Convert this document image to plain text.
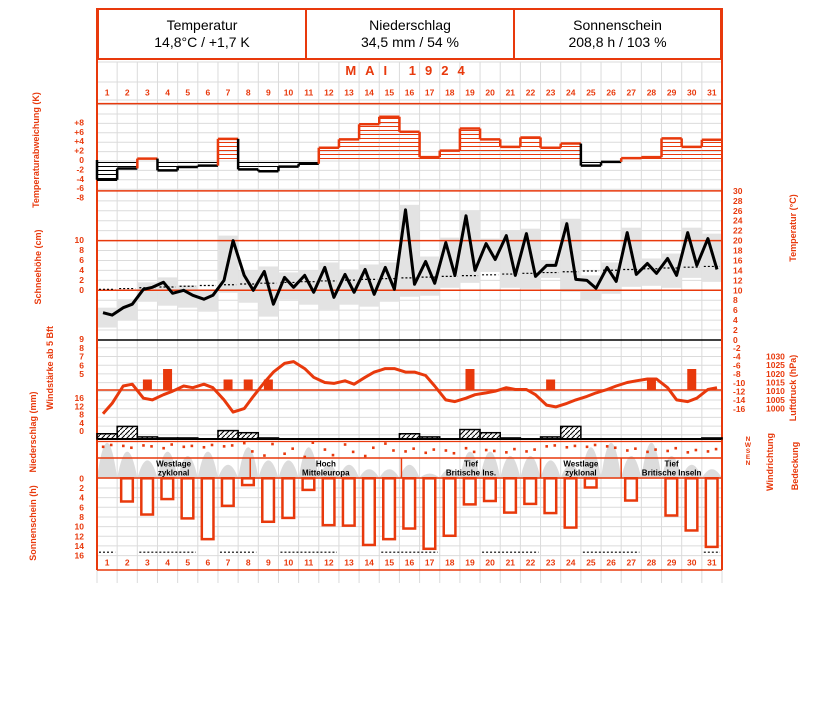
Westlage
zyklonal
Hoch
Mitteleuropa
Tief
Britische Ins.
Westlage
zyklonal
Tief
Britische Inseln
1
1
2
2
3
3
4
4
5
5
6
6
7
7
8
8
9
9
10
10
11
11
12
12
13
13
14
14
15
15
16
16
17
17
18
18
19
19
20
20
21
21
22
22
23
23
24
24
25
25
26
26
27
27
28
28
29
29
30
30
31
31
+8
+6
+4
+2
0
-2
-4
-6
-8
10
8
6
4
2
0
9
8
7
6
5
16
12
8
4
0
0
2
4
6
8
10
12
14
16
30
28
26
24
22
20
18
16
14
12
10
8
6
4
2
0
-2
-4
-6
-8
-10
-12
-14
-16
1030
1025
1020
1015
1010
1005
1000
N
W
S
E
N
Temperatur
14,8°C / +1,7 K
Niederschlag
34,5 mm / 54 %
Sonnenschein
208,8 h / 103 %
MAI 1924
Temperaturabweichung (K)
Schneehöhe (cm)
Windstärke ab 5 Bft
Niederschlag (mm)
Sonnenschein (h)
Temperatur (°C)
Luftdruck (hPa)
Windrichtung Bedeckung
